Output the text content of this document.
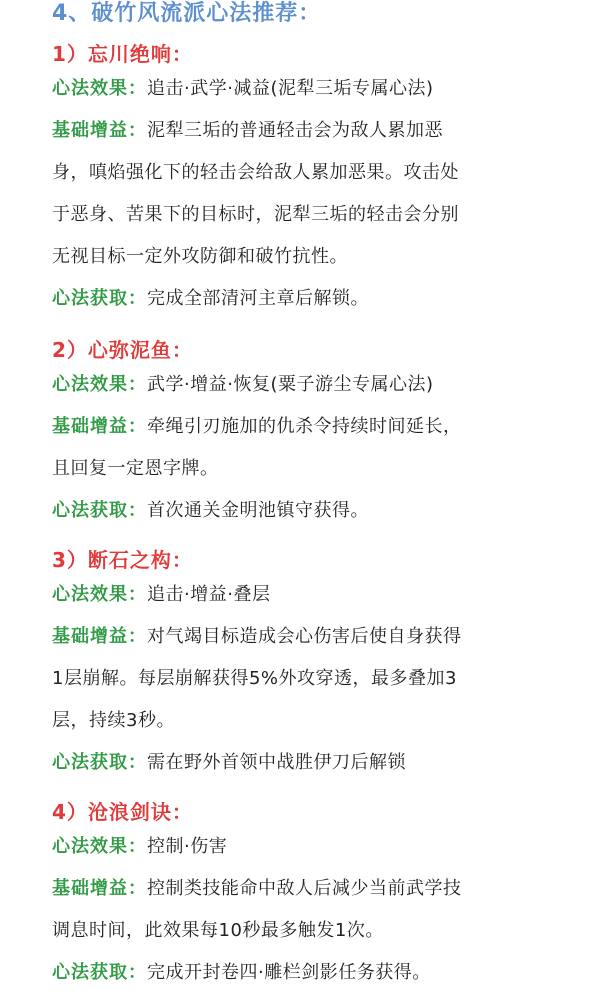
4、破竹风流派心法推荐：
1）忘川绝响：

心法效果：追击·武学·减益(泥犁三垢专属心法)

基础增益：泥犁三垢的普通轻击会为敌人累加恶

身，嗔焰强化下的轻击会给敌人累加恶果。攻击处

于恶身、苦果下的目标时，泥犁三垢的轻击会分别

无视目标一定外攻防御和破竹抗性。

心法获取：完成全部清河主章后解锁。

2）心弥泥鱼：

心法效果：武学·增益·恢复(粟子游尘专属心法)

基础增益：牵绳引刃施加的仇杀令持续时间延长，

且回复一定恩字牌。

心法获取：首次通关金明池镇守获得。

3）断石之构：

心法效果：追击·增益·叠层

基础增益：对气竭目标造成会心伤害后使自身获得

1层崩解。每层崩解获得5%外攻穿透，最多叠加3

层，持续3秒。

心法获取：需在野外首领中战胜伊刀后解锁

4）沧浪剑诀：

心法效果：控制·伤害

基础增益：控制类技能命中敌人后减少当前武学技

调息时间，此效果每10秒最多触发1次。

心法获取：完成开封卷四·雕栏剑影任务获得。
